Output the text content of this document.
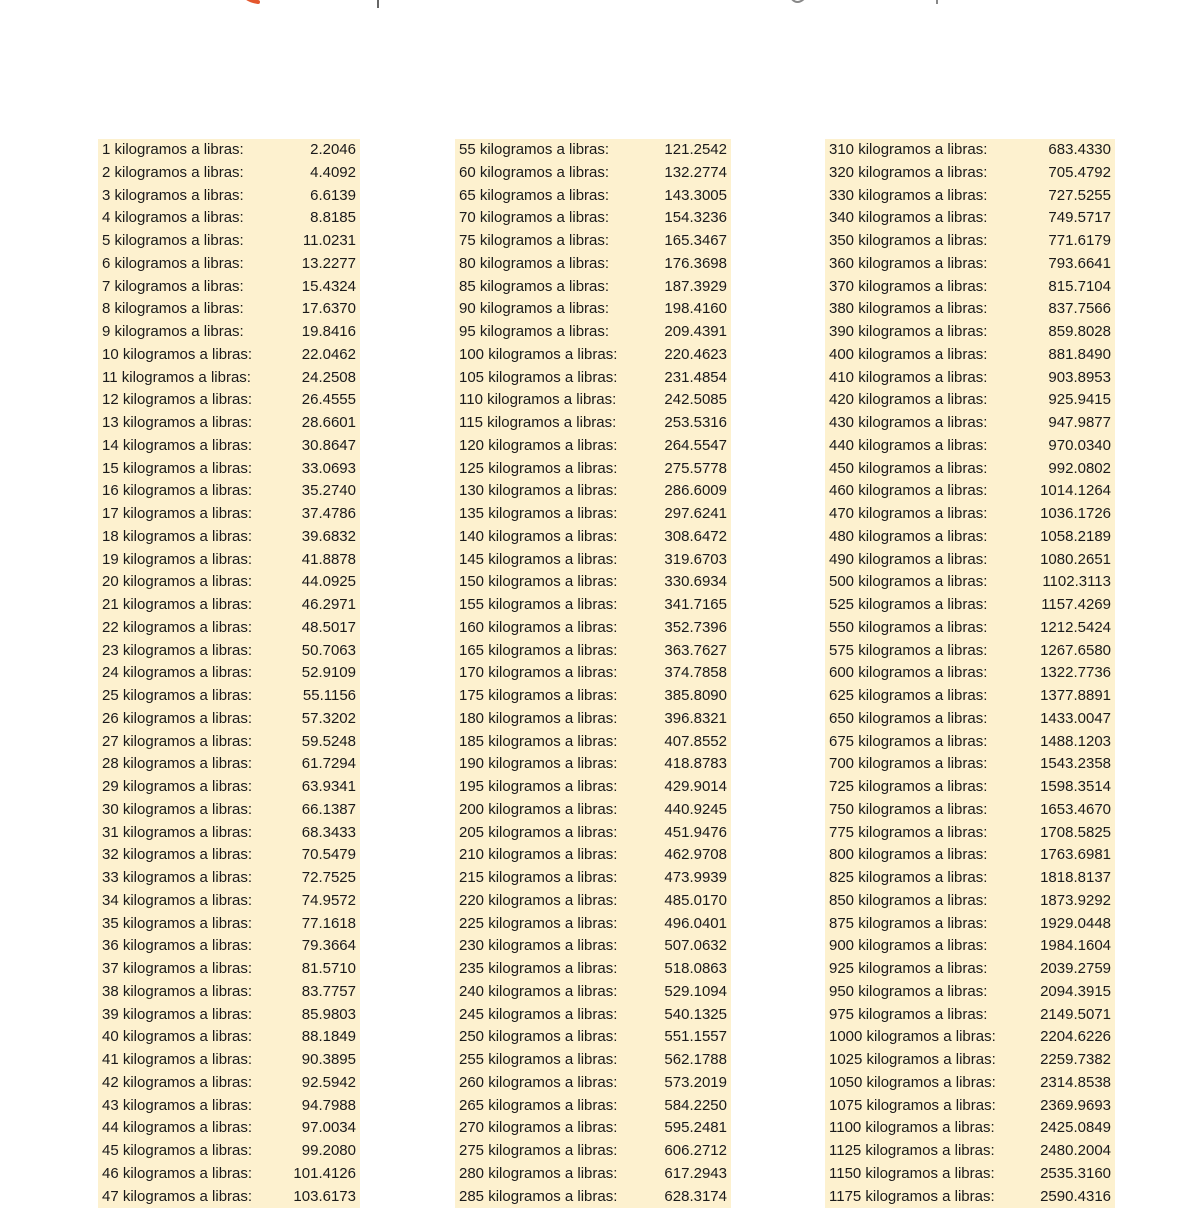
1 kilogramos a libras:	2.2046
2 kilogramos a libras:	4.4092
3 kilogramos a libras:	6.6139
4 kilogramos a libras:	8.8185
5 kilogramos a libras:	11.0231
6 kilogramos a libras:	13.2277
7 kilogramos a libras:	15.4324
8 kilogramos a libras:	17.6370
9 kilogramos a libras:	19.8416
10 kilogramos a libras:	22.0462
11 kilogramos a libras:	24.2508
12 kilogramos a libras:	26.4555
13 kilogramos a libras:	28.6601
14 kilogramos a libras:	30.8647
15 kilogramos a libras:	33.0693
16 kilogramos a libras:	35.2740
17 kilogramos a libras:	37.4786
18 kilogramos a libras:	39.6832
19 kilogramos a libras:	41.8878
20 kilogramos a libras:	44.0925
21 kilogramos a libras:	46.2971
22 kilogramos a libras:	48.5017
23 kilogramos a libras:	50.7063
24 kilogramos a libras:	52.9109
25 kilogramos a libras:	55.1156
26 kilogramos a libras:	57.3202
27 kilogramos a libras:	59.5248
28 kilogramos a libras:	61.7294
29 kilogramos a libras:	63.9341
30 kilogramos a libras:	66.1387
31 kilogramos a libras:	68.3433
32 kilogramos a libras:	70.5479
33 kilogramos a libras:	72.7525
34 kilogramos a libras:	74.9572
35 kilogramos a libras:	77.1618
36 kilogramos a libras:	79.3664
37 kilogramos a libras:	81.5710
38 kilogramos a libras:	83.7757
39 kilogramos a libras:	85.9803
40 kilogramos a libras:	88.1849
41 kilogramos a libras:	90.3895
42 kilogramos a libras:	92.5942
43 kilogramos a libras:	94.7988
44 kilogramos a libras:	97.0034
45 kilogramos a libras:	99.2080
46 kilogramos a libras:	101.4126
47 kilogramos a libras:	103.6173
55 kilogramos a libras:	121.2542
60 kilogramos a libras:	132.2774
65 kilogramos a libras:	143.3005
70 kilogramos a libras:	154.3236
75 kilogramos a libras:	165.3467
80 kilogramos a libras:	176.3698
85 kilogramos a libras:	187.3929
90 kilogramos a libras:	198.4160
95 kilogramos a libras:	209.4391
100 kilogramos a libras:	220.4623
105 kilogramos a libras:	231.4854
110 kilogramos a libras:	242.5085
115 kilogramos a libras:	253.5316
120 kilogramos a libras:	264.5547
125 kilogramos a libras:	275.5778
130 kilogramos a libras:	286.6009
135 kilogramos a libras:	297.6241
140 kilogramos a libras:	308.6472
145 kilogramos a libras:	319.6703
150 kilogramos a libras:	330.6934
155 kilogramos a libras:	341.7165
160 kilogramos a libras:	352.7396
165 kilogramos a libras:	363.7627
170 kilogramos a libras:	374.7858
175 kilogramos a libras:	385.8090
180 kilogramos a libras:	396.8321
185 kilogramos a libras:	407.8552
190 kilogramos a libras:	418.8783
195 kilogramos a libras:	429.9014
200 kilogramos a libras:	440.9245
205 kilogramos a libras:	451.9476
210 kilogramos a libras:	462.9708
215 kilogramos a libras:	473.9939
220 kilogramos a libras:	485.0170
225 kilogramos a libras:	496.0401
230 kilogramos a libras:	507.0632
235 kilogramos a libras:	518.0863
240 kilogramos a libras:	529.1094
245 kilogramos a libras:	540.1325
250 kilogramos a libras:	551.1557
255 kilogramos a libras:	562.1788
260 kilogramos a libras:	573.2019
265 kilogramos a libras:	584.2250
270 kilogramos a libras:	595.2481
275 kilogramos a libras:	606.2712
280 kilogramos a libras:	617.2943
285 kilogramos a libras:	628.3174
310 kilogramos a libras:	683.4330
320 kilogramos a libras:	705.4792
330 kilogramos a libras:	727.5255
340 kilogramos a libras:	749.5717
350 kilogramos a libras:	771.6179
360 kilogramos a libras:	793.6641
370 kilogramos a libras:	815.7104
380 kilogramos a libras:	837.7566
390 kilogramos a libras:	859.8028
400 kilogramos a libras:	881.8490
410 kilogramos a libras:	903.8953
420 kilogramos a libras:	925.9415
430 kilogramos a libras:	947.9877
440 kilogramos a libras:	970.0340
450 kilogramos a libras:	992.0802
460 kilogramos a libras:	1014.1264
470 kilogramos a libras:	1036.1726
480 kilogramos a libras:	1058.2189
490 kilogramos a libras:	1080.2651
500 kilogramos a libras:	1102.3113
525 kilogramos a libras:	1157.4269
550 kilogramos a libras:	1212.5424
575 kilogramos a libras:	1267.6580
600 kilogramos a libras:	1322.7736
625 kilogramos a libras:	1377.8891
650 kilogramos a libras:	1433.0047
675 kilogramos a libras:	1488.1203
700 kilogramos a libras:	1543.2358
725 kilogramos a libras:	1598.3514
750 kilogramos a libras:	1653.4670
775 kilogramos a libras:	1708.5825
800 kilogramos a libras:	1763.6981
825 kilogramos a libras:	1818.8137
850 kilogramos a libras:	1873.9292
875 kilogramos a libras:	1929.0448
900 kilogramos a libras:	1984.1604
925 kilogramos a libras:	2039.2759
950 kilogramos a libras:	2094.3915
975 kilogramos a libras:	2149.5071
1000 kilogramos a libras:	2204.6226
1025 kilogramos a libras:	2259.7382
1050 kilogramos a libras:	2314.8538
1075 kilogramos a libras:	2369.9693
1100 kilogramos a libras:	2425.0849
1125 kilogramos a libras:	2480.2004
1150 kilogramos a libras:	2535.3160
1175 kilogramos a libras:	2590.4316
